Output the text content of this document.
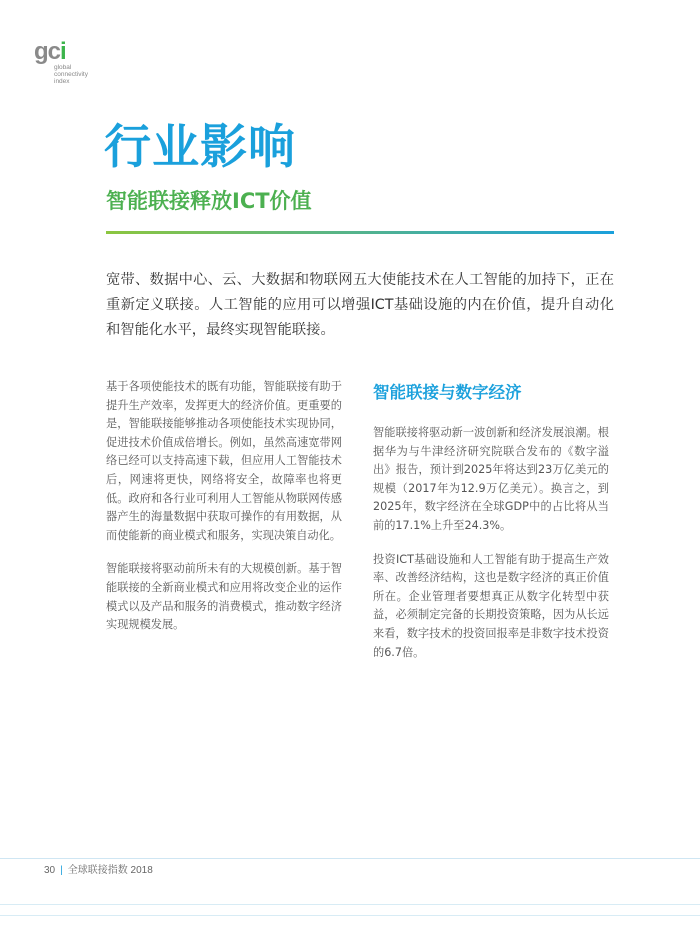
gci
global
connectivity
index
行业影响
智能联接释放ICT价值

宽带、数据中心、云、大数据和物联网五大使能技术在人工智能的加持下，正在重新定义联接。人工智能的应用可以增强ICT基础设施的内在价值，提升自动化和智能化水平，最终实现智能联接。

基于各项使能技术的既有功能，智能联接有助于提升生产效率，发挥更大的经济价值。更重要的是，智能联接能够推动各项使能技术实现协同，促进技术价值成倍增长。例如，虽然高速宽带网络已经可以支持高速下载，但应用人工智能技术后，网速将更快，网络将安全，故障率也将更低。政府和各行业可利用人工智能从物联网传感器产生的海量数据中获取可操作的有用数据，从而使能新的商业模式和服务，实现决策自动化。

智能联接将驱动前所未有的大规模创新。基于智能联接的全新商业模式和应用将改变企业的运作模式以及产品和服务的消费模式，推动数字经济实现规模发展。

智能联接与数字经济

智能联接将驱动新一波创新和经济发展浪潮。根据华为与牛津经济研究院联合发布的《数字溢出》报告，预计到2025年将达到23万亿美元的规模（2017年为12.9万亿美元）。换言之，到2025年，数字经济在全球GDP中的占比将从当前的17.1%上升至24.3%。

投资ICT基础设施和人工智能有助于提高生产效率、改善经济结构，这也是数字经济的真正价值所在。企业管理者要想真正从数字化转型中获益，必须制定完备的长期投资策略，因为从长远来看，数字技术的投资回报率是非数字技术投资的6.7倍。

30 | 全球联接指数 2018
